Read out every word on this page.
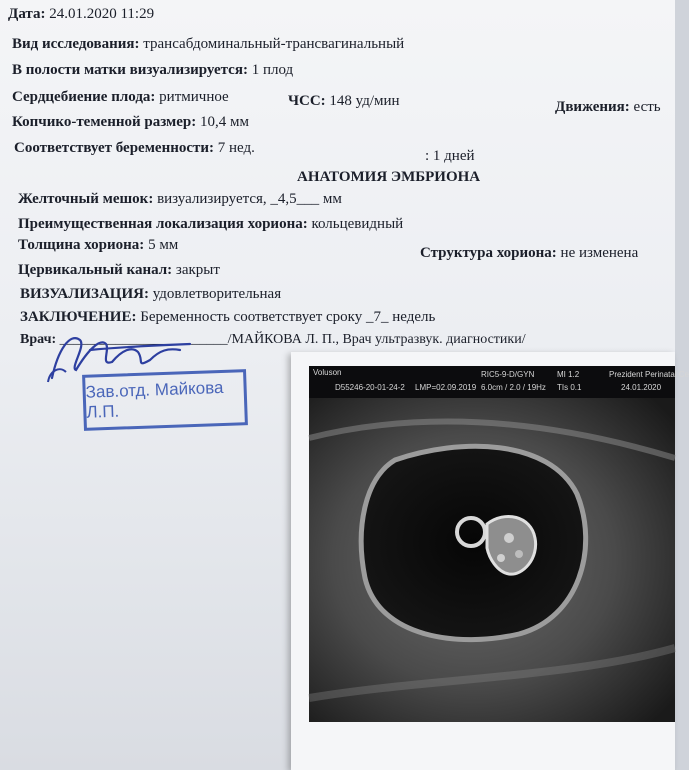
Дата: 24.01.2020 11:29
Вид исследования: трансабдоминальный-трансвагинальный
В полости матки визуализируется: 1 плод
Сердцебиение плода: ритмичное	ЧСС: 148 уд/мин	Движения: есть
Копчико-теменной размер: 10,4 мм
Соответствует беременности: 7 нед.	: 1 дней
АНАТОМИЯ ЭМБРИОНА
Желточный мешок: визуализируется, _4,5___ мм
Преимущественная локализация хориона: кольцевидный
Толщина хориона: 5 мм	Структура хориона: не изменена
Цервикальный канал: закрыт
ВИЗУАЛИЗАЦИЯ: удовлетворительная
ЗАКЛЮЧЕНИЕ: Беременность соответствует сроку _7_ недель
Врач: ________________________/МАЙКОВА Л. П., Врач ультразвук. диагностики/
Зав.отд. Майкова Л.П.
Voluson
D55246-20-01-24-2 LMP=02.09.2019
RIC5-9-D/GYN
6.0cm / 2.0 / 19Hz
MI 1.2
TIs 0.1
Prezident Perinatal Ce
24.01.2020
